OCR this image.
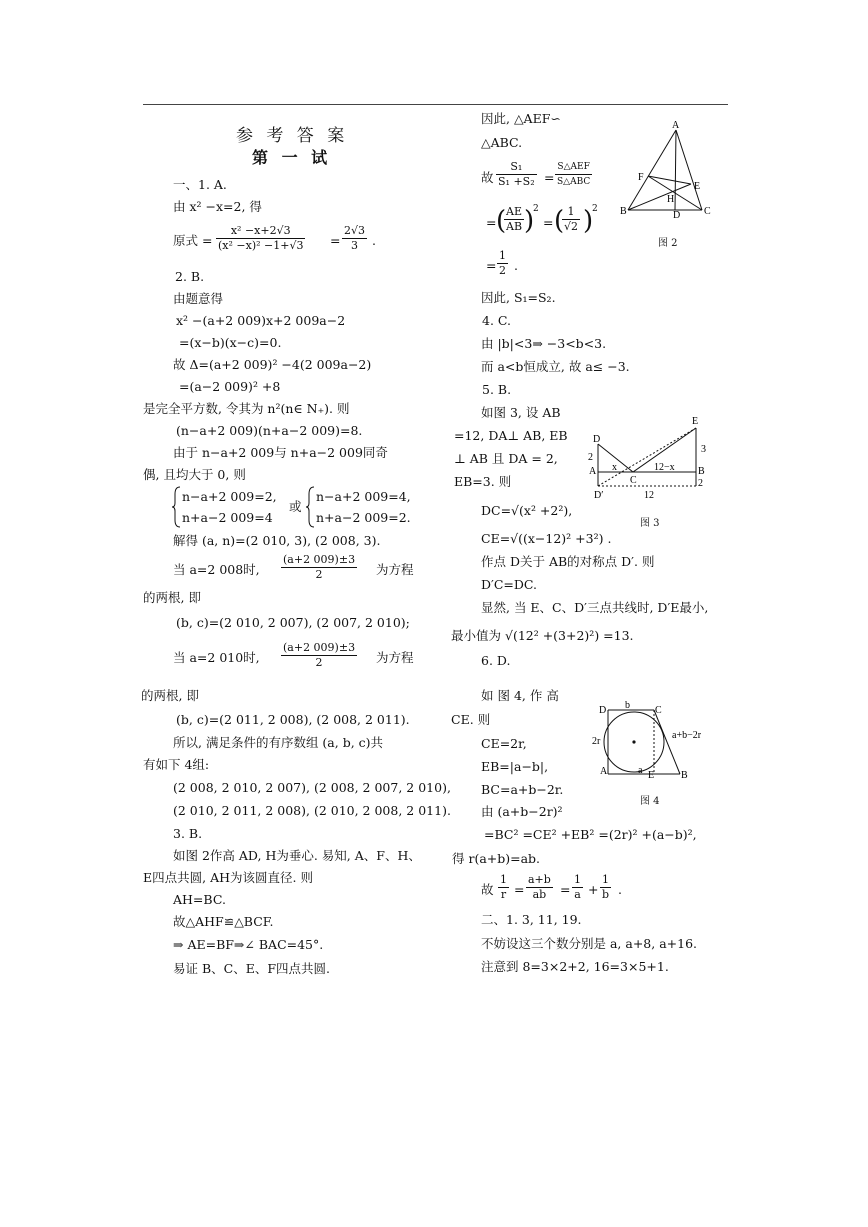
参 考 答 案
第 一 试
一、1. A.
由 x² −x=2, 得
原式 = $\frac{\text{x² −x+2√3}}{\text{(x² −x)² −1+√3}} = \frac{2√3}{3}$ .
2. B.
由题意得
x² −(a+2 009)x+2 009a−2
=(x−b)(x−c)=0.
故 Δ=(a+2 009)² −4(2 009a−2)
=(a−2 009)² +8
是完全平方数, 令其为 n²(n∈ N₊). 则
(n−a+2 009)(n+a−2 009)=8.
由于 n−a+2 009与 n+a−2 009同奇
偶, 且均大于 0, 则
n−a+2 009=2,
n+a−2 009=4
或
n−a+2 009=4,
n+a−2 009=2.
解得 (a, n)=(2 010, 3), (2 008, 3).
当 a=2 008时, $\frac{(a+2 009)\pm 3}{2}$ 为方程
的两根, 即
(b, c)=(2 010, 2 007), (2 007, 2 010);
当 a=2 010时, $\frac{(a+2 009)\pm 3}{2}$ 为方程
的两根, 即
(b, c)=(2 011, 2 008), (2 008, 2 011).
所以, 满足条件的有序数组 (a, b, c)共
有如下 4组:
(2 008, 2 010, 2 007), (2 008, 2 007, 2 010),
(2 010, 2 011, 2 008), (2 010, 2 008, 2 011).
3. B.
如图 2作高 AD, H为垂心. 易知, A、F、H、
E四点共圆, AH为该圆直径. 则
AH=BC.
故△AHF≌△BCF.
⇒ AE=BF⇒∠ BAC=45°.
易证 B、C、E、F四点共圆.
因此, △AEF∽
△ABC.
故 $\frac{\text{S₁}}{\text{S₁ +S₂}}$ =
S△AEF
S△ABC
= (
$\frac{AE}{AB}$ )
2
= (
$\frac{1}{√2}$ )
2
= $\frac{1}{2}$ .
因此, S₁=S₂.
4. C.
由 |b|<3⇒ −3<b<3.
而 a<b恒成立, 故 a≤ −3.
5. B.
如图 3, 设 AB
=12, DA⊥ AB, EB
⊥ AB 且 DA = 2,
EB=3. 则
DC=√(x² +2²),
CE=√((x−12)² +3²) .
作点 D关于 AB的对称点 D′. 则
D′C=DC.
显然, 当 E、C、D′三点共线时, D′E最小,
最小值为 √(12² +(3+2)²) =13.
6. D.
如 图 4, 作 高
CE. 则
CE=2r,
EB=|a−b|,
BC=a+b−2r.
由 (a+b−2r)²
=BC² =CE² +EB² =(2r)² +(a−b)²,
得 r(a+b)=ab.
故 $\frac{1}{r} = \frac{a+b}{ab} = \frac{1}{a} + \frac{1}{b}$ .
二、1. 3, 11, 19.
不妨设这三个数分别是 a, a+8, a+16.
注意到 8=3×2+2, 16=3×5+1.
A
F
E
H
B	D C
图 2
E
D
2
A x
C
12−x B
3
2
D′	12
图 3
D b	C
2r
a+b−2r
A	a E	B
图 4
